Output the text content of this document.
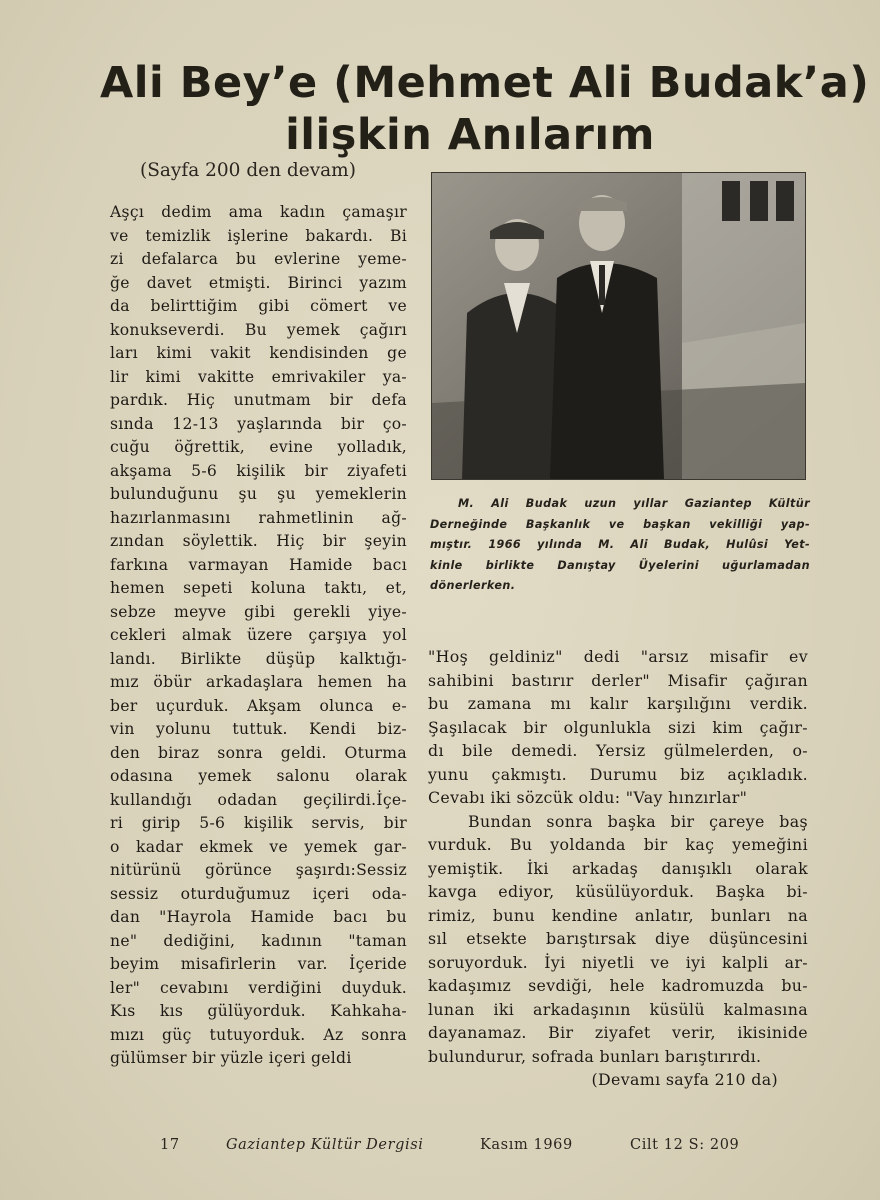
Ali Bey’e (Mehmet Ali Budak’a)
ilişkin Anılarım
(Sayfa 200 den devam)
Aşçı dedim ama kadın çamaşır
ve temizlik işlerine bakardı. Bi
zi defalarca bu evlerine yeme-
ğe davet etmişti. Birinci yazım
da belirttiğim gibi cömert ve
konukseverdi. Bu yemek çağırı
ları kimi vakit kendisinden ge
lir kimi vakitte emrivakiler ya-
pardık. Hiç unutmam bir defa
sında 12-13 yaşlarında bir ço-
cuğu öğrettik, evine yolladık,
akşama 5-6 kişilik bir ziyafeti
bulunduğunu şu şu yemeklerin
hazırlanmasını rahmetlinin ağ-
zından söylettik. Hiç bir şeyin
farkına varmayan Hamide bacı
hemen sepeti koluna taktı, et,
sebze meyve gibi gerekli yiye-
cekleri almak üzere çarşıya yol
landı. Birlikte düşüp kalktığı-
mız öbür arkadaşlara hemen ha
ber uçurduk. Akşam olunca e-
vin yolunu tuttuk. Kendi biz-
den biraz sonra geldi. Oturma
odasına yemek salonu olarak
kullandığı odadan geçilirdi.İçe-
ri girip 5-6 kişilik servis, bir
o kadar ekmek ve yemek gar-
nitürünü görünce şaşırdı:Sessiz
sessiz oturduğumuz içeri oda-
dan "Hayrola Hamide bacı bu
ne" dediğini, kadının "taman
beyim misafirlerin var. İçeride
ler" cevabını verdiğini duyduk.
Kıs kıs gülüyorduk. Kahkaha-
mızı güç tutuyorduk. Az sonra
gülümser bir yüzle içeri geldi
M. Ali Budak uzun yıllar Gaziantep Kültür
Derneğinde Başkanlık ve başkan vekilliği yap-
mıştır. 1966 yılında M. Ali Budak, Hulûsi Yet-
kinle birlikte Danıştay Üyelerini uğurlamadan
dönerlerken.
"Hoş geldiniz" dedi "arsız misafir ev
sahibini bastırır derler" Misafir çağıran
bu zamana mı kalır karşılığını verdik.
Şaşılacak bir olgunlukla sizi kim çağır-
dı bile demedi. Yersiz gülmelerden, o-
yunu çakmıştı. Durumu biz açıkladık.
Cevabı iki sözcük oldu: "Vay hınzırlar"
Bundan sonra başka bir çareye baş
vurduk. Bu yoldanda bir kaç yemeğini
yemiştik. İki arkadaş danışıklı olarak
kavga ediyor, küsülüyorduk. Başka bi-
rimiz, bunu kendine anlatır, bunları na
sıl etsekte barıştırsak diye düşüncesini
soruyorduk. İyi niyetli ve iyi kalpli ar-
kadaşımız sevdiği, hele kadromuzda bu-
lunan iki arkadaşının küsülü kalmasına
dayanamaz. Bir ziyafet verir, ikisinide
bulundurur, sofrada bunları barıştırırdı.
(Devamı sayfa 210 da)
17	Gaziantep Kültür Dergisi	Kasım 1969	Cilt 12 S: 209
